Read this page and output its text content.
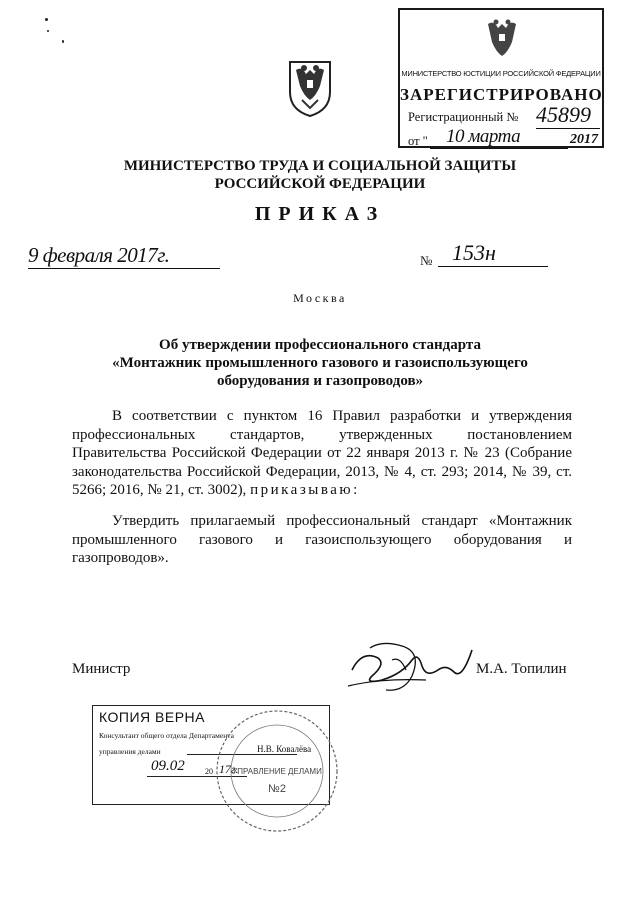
МИНИСТЕРСТВО ЮСТИЦИИ РОССИЙСКОЙ ФЕДЕРАЦИИ
ЗАРЕГИСТРИРОВАНО
Регистрационный № 45899
от " 10 марта	2017
МИНИСТЕРСТВО ТРУДА И СОЦИАЛЬНОЙ ЗАЩИТЫ
РОССИЙСКОЙ ФЕДЕРАЦИИ
ПРИКАЗ
9 февраля 2017г.	№ 153н
Москва
Об утверждении профессионального стандарта
«Монтажник промышленного газового и газоиспользующего
оборудования и газопроводов»
В соответствии с пунктом 16 Правил разработки и утверждения профессиональных стандартов, утвержденных постановлением Правительства Российской Федерации от 22 января 2013 г. № 23 (Собрание законодательства Российской Федерации, 2013, № 4, ст. 293; 2014, № 39, ст. 5266; 2016, № 21, ст. 3002), приказываю:
Утвердить прилагаемый профессиональный стандарт «Монтажник промышленного газового и газоиспользующего оборудования и газопроводов».
Министр	М.А. Топилин
КОПИЯ ВЕРНА
Консультант общего отдела Департамента
управления делами	Н.В. Ковалёва
09.02	20 17г.
УПРАВЛЕНИЕ ДЕЛАМИ
№2
